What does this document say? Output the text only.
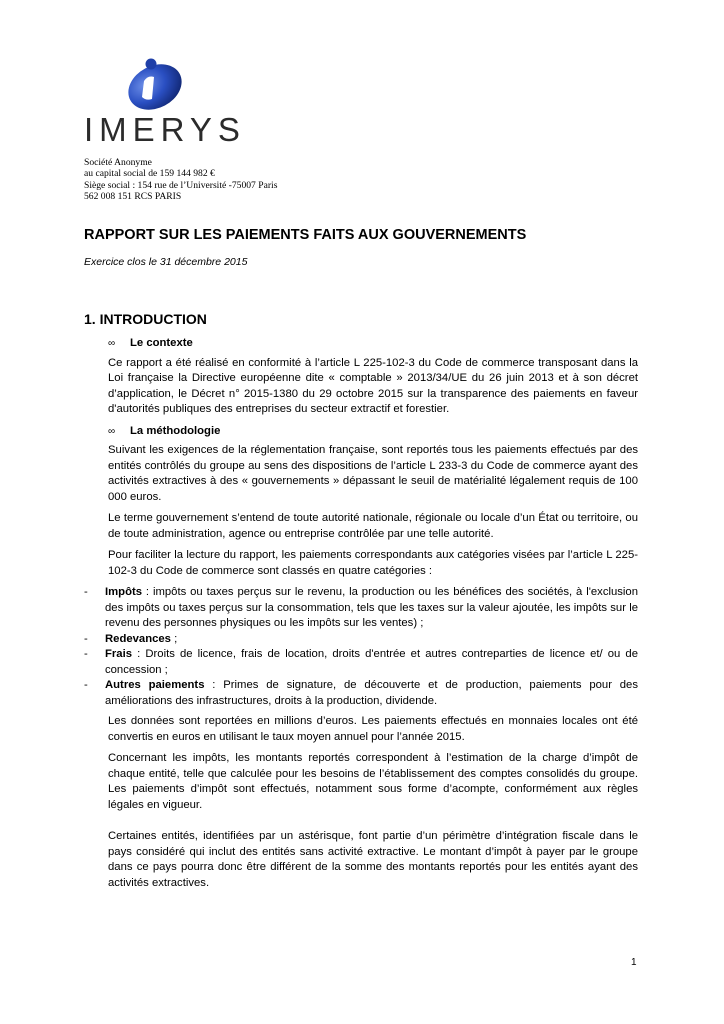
IMERYS
Société Anonyme
au capital social de 159 144 982 €
Siège social : 154 rue de l’Université -75007 Paris
562 008 151 RCS PARIS
RAPPORT SUR LES PAIEMENTS FAITS AUX GOUVERNEMENTS
Exercice clos le 31 décembre 2015
1. INTRODUCTION
∞	Le contexte

Ce rapport a été réalisé en conformité à l’article L 225-102-3 du Code de commerce transposant dans la Loi française la Directive européenne dite « comptable » 2013/34/UE du 26 juin 2013 et à son décret d’application, le Décret n° 2015-1380 du 29 octobre 2015 sur la transparence des paiements en faveur d'autorités publiques des entreprises du secteur extractif et forestier.

∞	La méthodologie

Suivant les exigences de la réglementation française, sont reportés tous les paiements effectués par des entités contrôlés du groupe au sens des dispositions de l’article L 233-3 du Code de commerce ayant des activités extractives à des « gouvernements » dépassant le seuil de matérialité légalement requis de 100 000 euros.

Le terme gouvernement s’entend de toute autorité nationale, régionale ou locale d’un État ou territoire, ou de toute administration, agence ou entreprise contrôlée par une telle autorité.

Pour faciliter la lecture du rapport, les paiements correspondants aux catégories visées par l’article L 225-102-3 du Code de commerce sont classés en quatre catégories :

-	Impôts : impôts ou taxes perçus sur le revenu, la production ou les bénéfices des sociétés, à l'exclusion des impôts ou taxes perçus sur la consommation, tels que les taxes sur la valeur ajoutée, les impôts sur le revenu des personnes physiques ou les impôts sur les ventes) ;
-	Redevances ;
-	Frais : Droits de licence, frais de location, droits d'entrée et autres contreparties de licence et/ ou de concession ;
-	Autres paiements : Primes de signature, de découverte et de production, paiements pour des améliorations des infrastructures, droits à la production, dividende.

Les données sont reportées en millions d’euros. Les paiements effectués en monnaies locales ont été convertis en euros en utilisant le taux moyen annuel pour l’année 2015.

Concernant les impôts, les montants reportés correspondent à l’estimation de la charge d’impôt de chaque entité, telle que calculée pour les besoins de l’établissement des comptes consolidés du groupe. Les paiements d’impôt sont effectués, notamment sous forme d’acompte, conformément aux règles légales en vigueur.

Certaines entités, identifiées par un astérisque, font partie d’un périmètre d’intégration fiscale dans le pays considéré qui inclut des entités sans activité extractive. Le montant d’impôt à payer par le groupe dans ce pays pourra donc être différent de la somme des montants reportés pour les entités ayant des activités extractives.

1
